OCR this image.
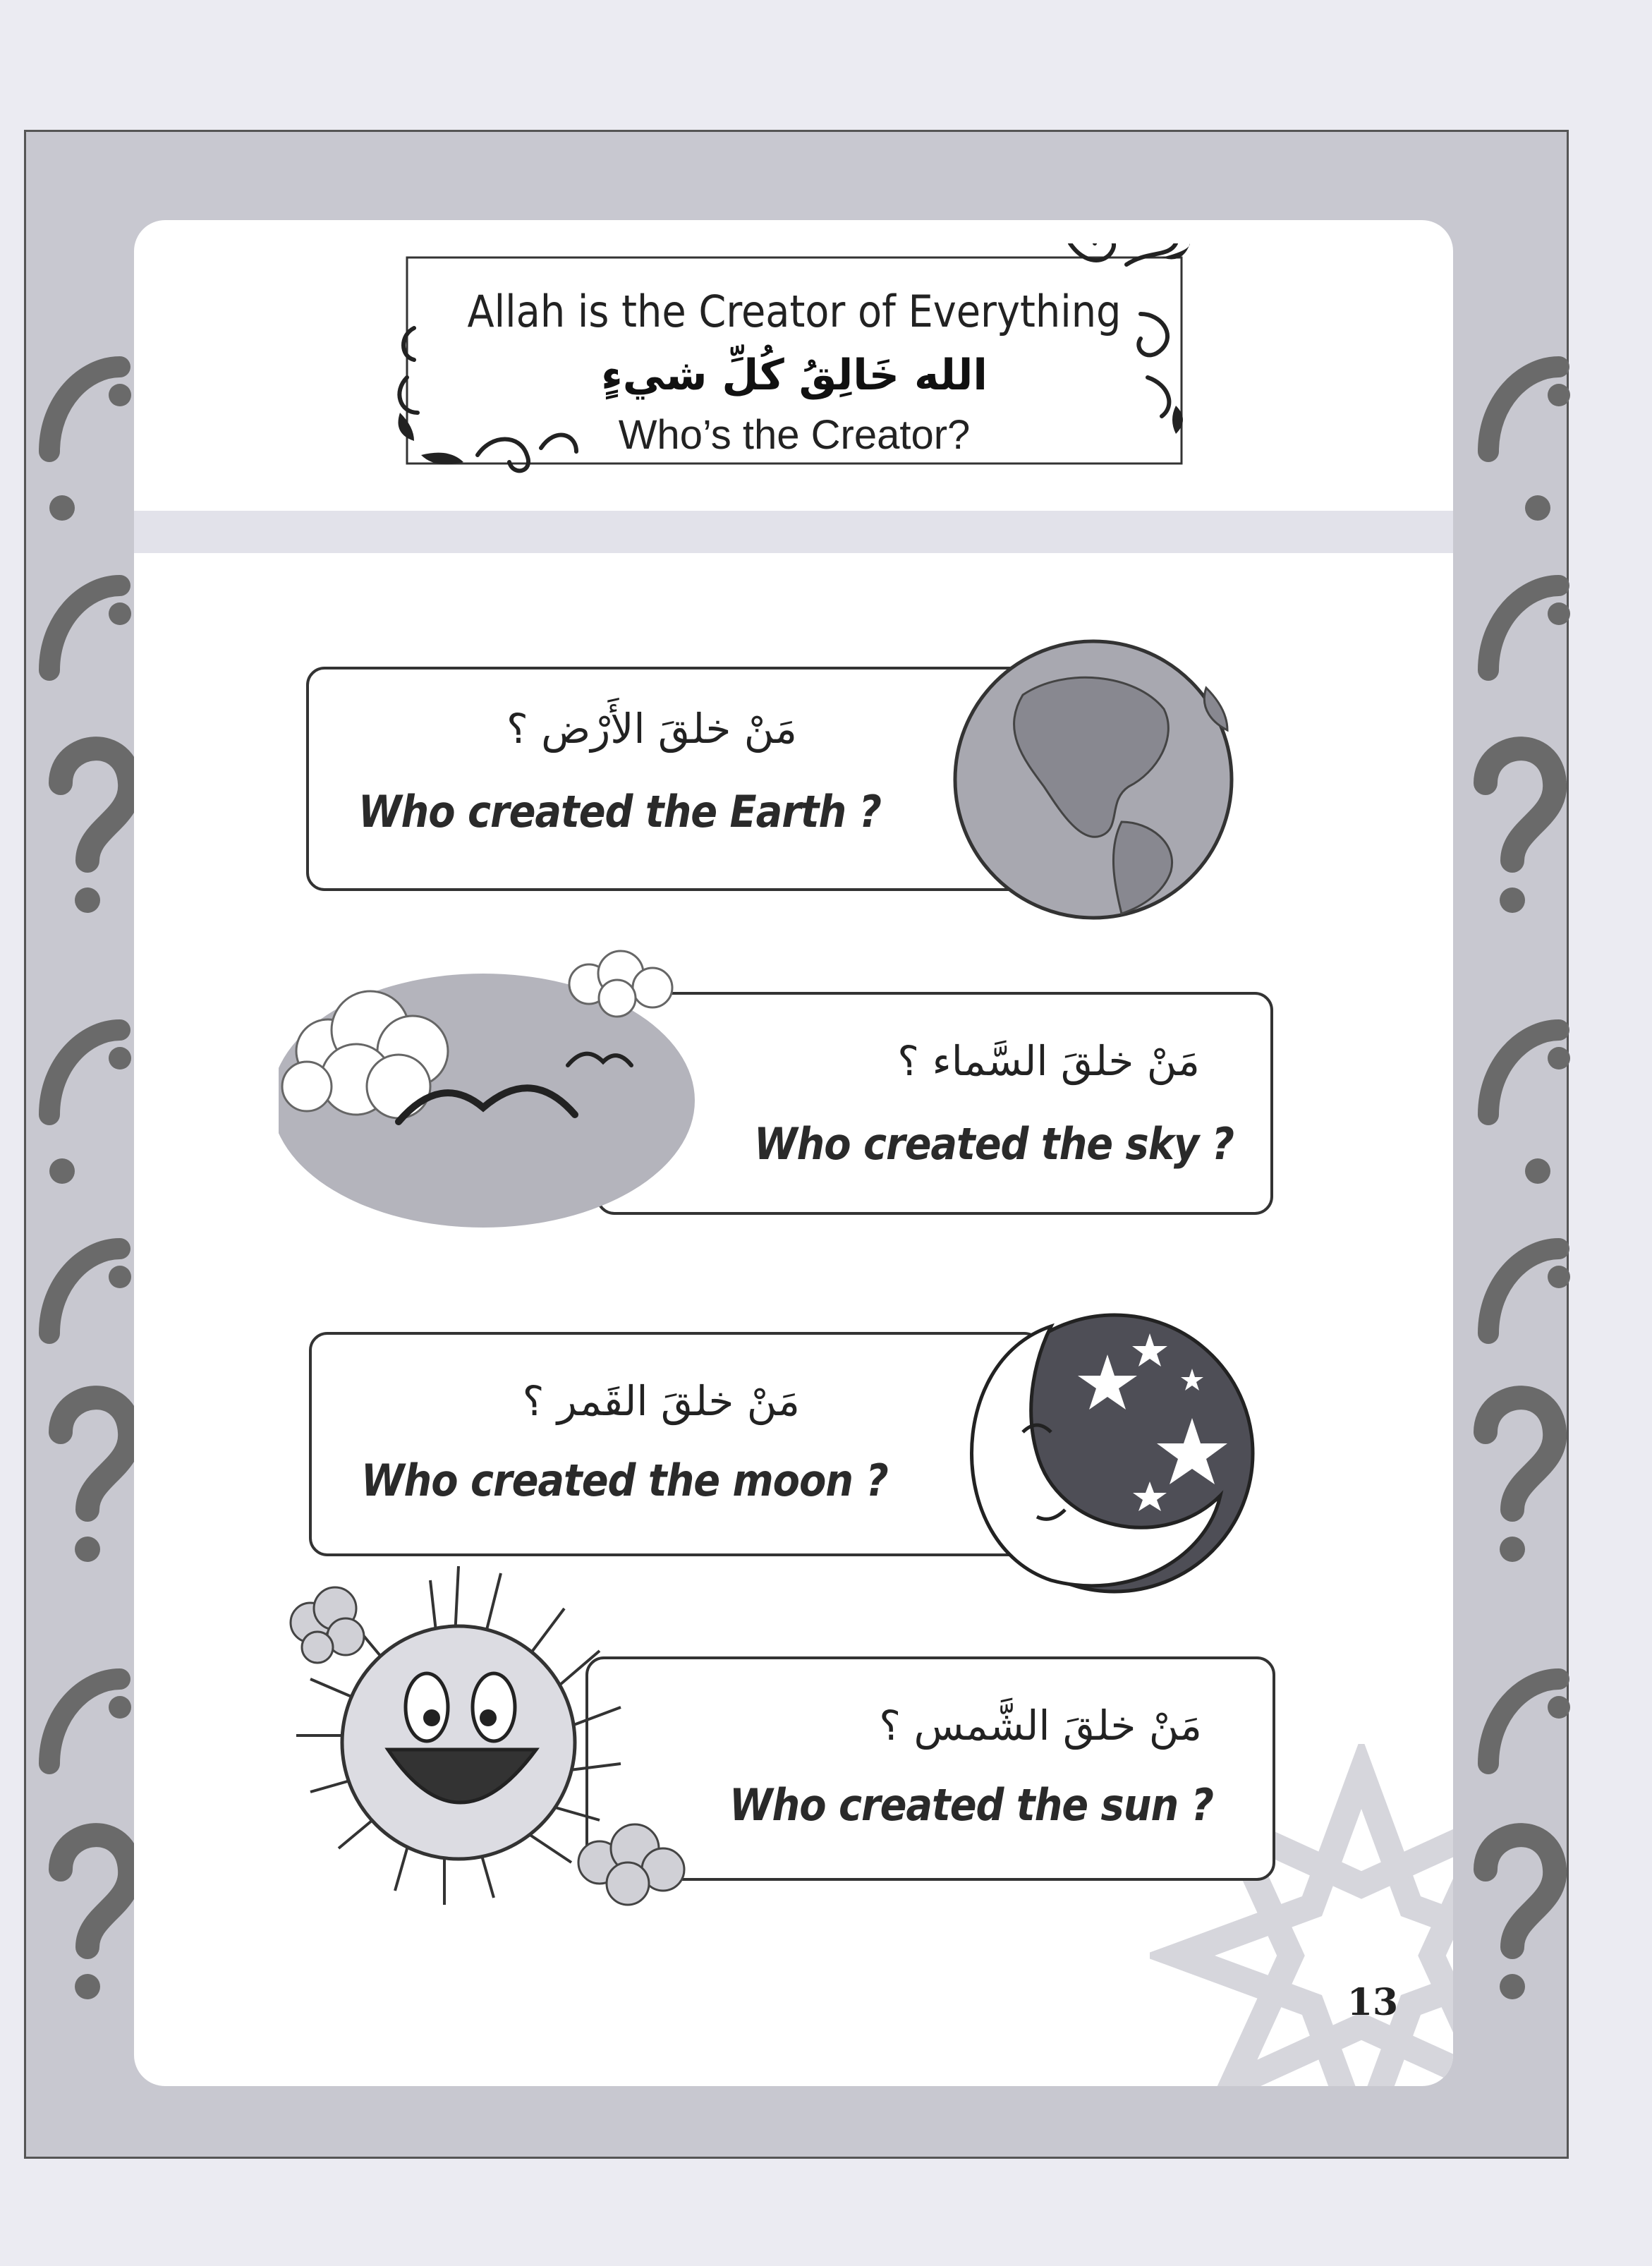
Allah is the Creator of Everything
الله خَالِقُ كُلِّ شيءٍ
Who’s the Creator?
مَنْ خلقَ الأَرْض ؟
Who created the Earth ?
مَنْ خلقَ السَّماء ؟
Who created the sky ?
مَنْ خلقَ القَمر ؟
Who created the moon ?
مَنْ خلقَ الشَّمس ؟
Who created the sun ?
13
